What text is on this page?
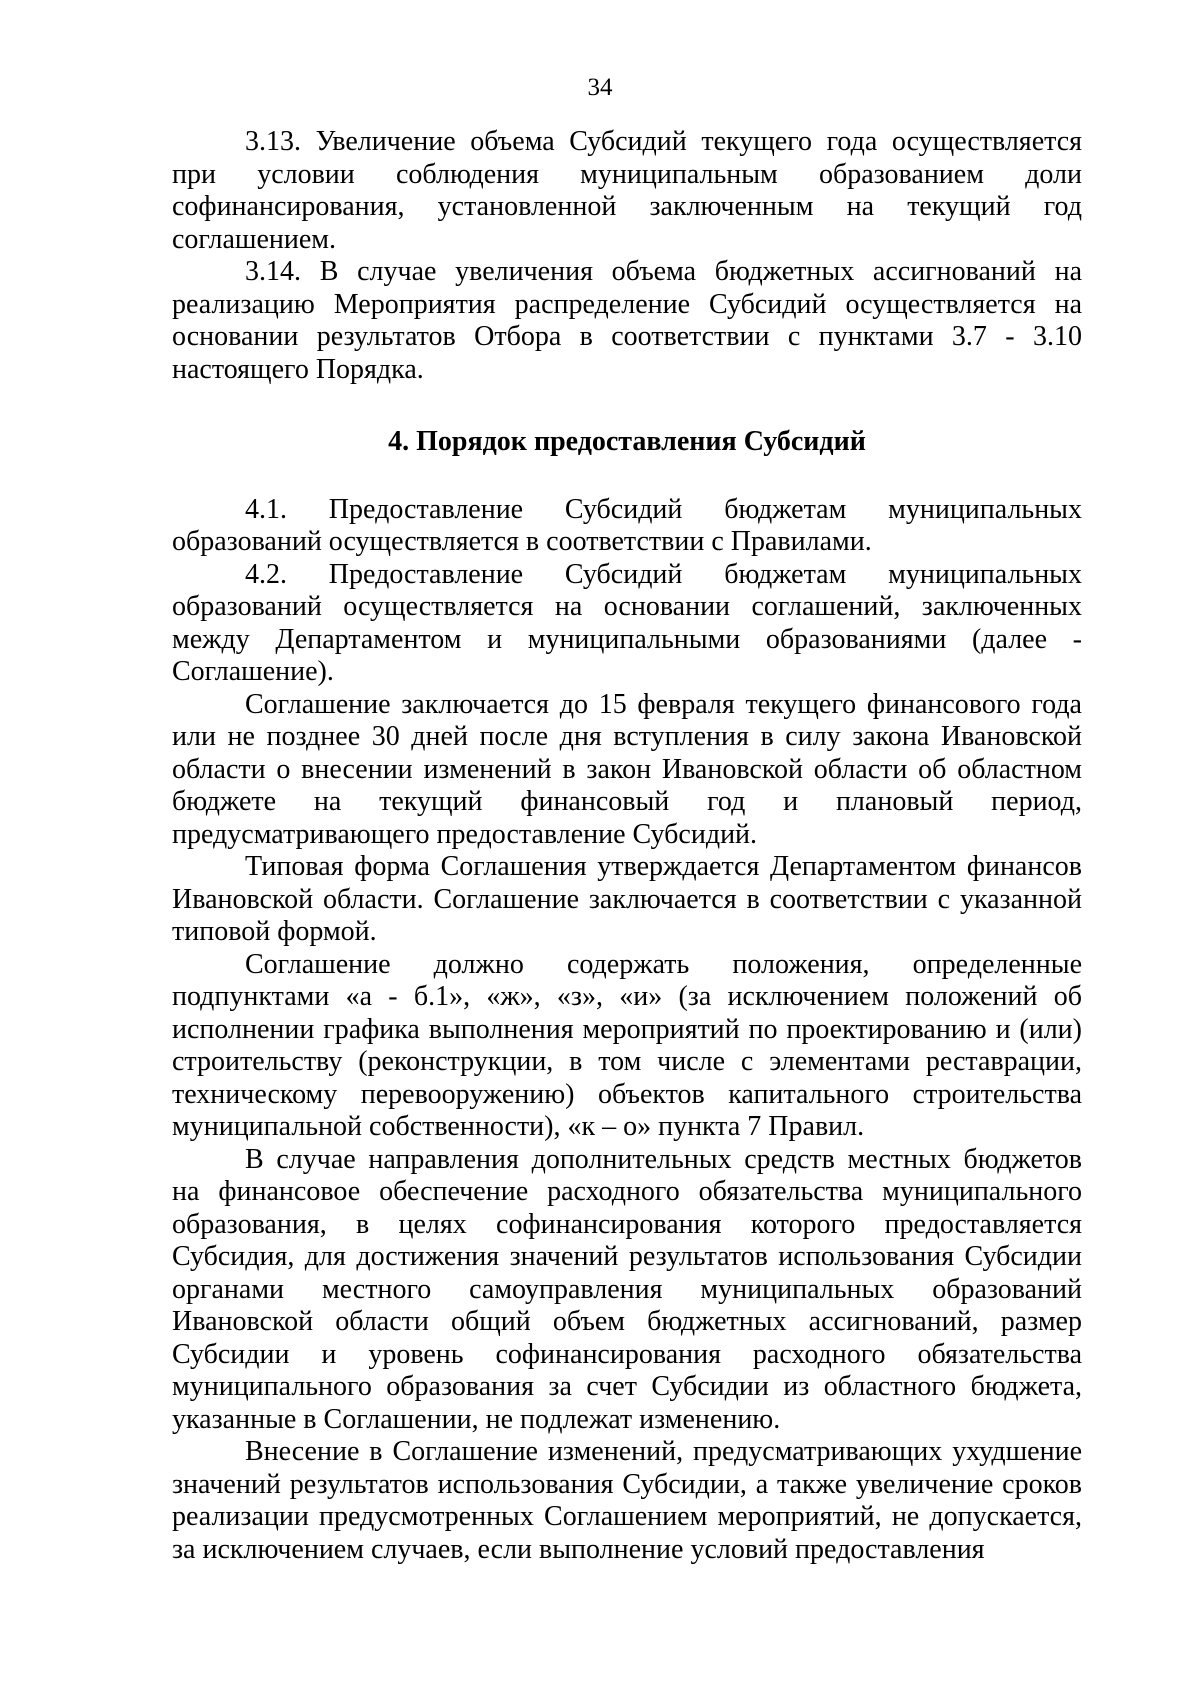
34

3.13. Увеличение объема Субсидий текущего года осуществляется при условии соблюдения муниципальным образованием доли софинансирования, установленной заключенным на текущий год соглашением.

3.14. В случае увеличения объема бюджетных ассигнований на реализацию Мероприятия распределение Субсидий осуществляется на основании результатов Отбора в соответствии с пунктами 3.7 - 3.10 настоящего Порядка.

4. Порядок предоставления Субсидий

4.1. Предоставление Субсидий бюджетам муниципальных образований осуществляется в соответствии с Правилами.

4.2. Предоставление Субсидий бюджетам муниципальных образований осуществляется на основании соглашений, заключенных между Департаментом и муниципальными образованиями (далее - Соглашение).

Соглашение заключается до 15 февраля текущего финансового года или не позднее 30 дней после дня вступления в силу закона Ивановской области о внесении изменений в закон Ивановской области об областном бюджете на текущий финансовый год и плановый период, предусматривающего предоставление Субсидий.

Типовая форма Соглашения утверждается Департаментом финансов Ивановской области. Соглашение заключается в соответствии с указанной типовой формой.

Соглашение должно содержать положения, определенные подпунктами «а - б.1», «ж», «з», «и» (за исключением положений об исполнении графика выполнения мероприятий по проектированию и (или) строительству (реконструкции, в том числе с элементами реставрации, техническому перевооружению) объектов капитального строительства муниципальной собственности), «к – о» пункта 7 Правил.

В случае направления дополнительных средств местных бюджетов на финансовое обеспечение расходного обязательства муниципального образования, в целях софинансирования которого предоставляется Субсидия, для достижения значений результатов использования Субсидии органами местного самоуправления муниципальных образований Ивановской области общий объем бюджетных ассигнований, размер Субсидии и уровень софинансирования расходного обязательства муниципального образования за счет Субсидии из областного бюджета, указанные в Соглашении, не подлежат изменению.

Внесение в Соглашение изменений, предусматривающих ухудшение значений результатов использования Субсидии, а также увеличение сроков реализации предусмотренных Соглашением мероприятий, не допускается, за исключением случаев, если выполнение условий предоставления
